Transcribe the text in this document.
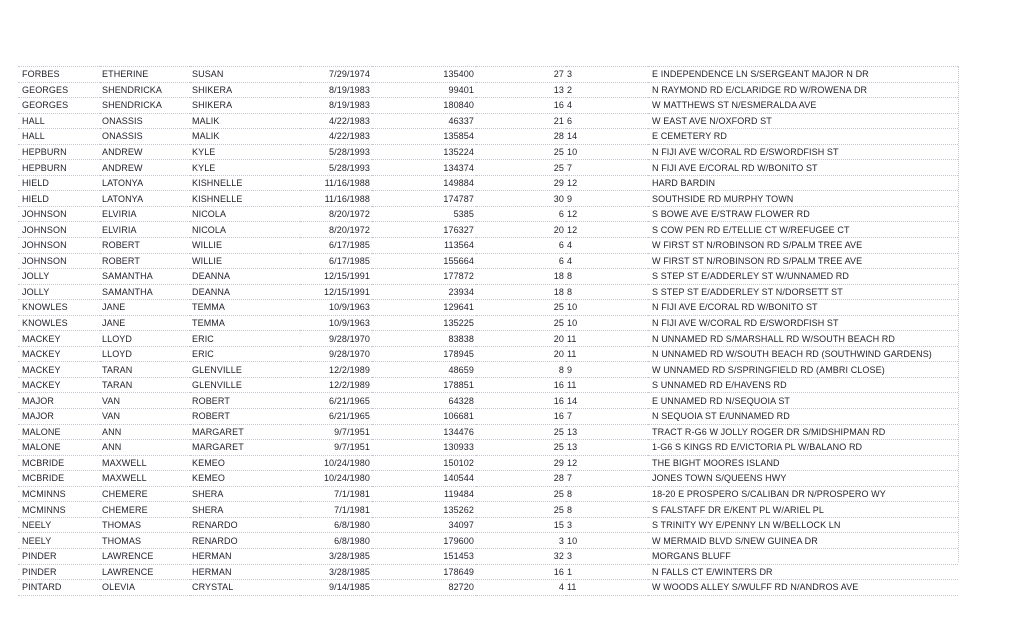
FORBES	ETHERINE	SUSAN	7/29/1974	135400	27	3	E INDEPENDENCE LN S/SERGEANT MAJOR N DR
GEORGES	SHENDRICKA	SHIKERA	8/19/1983	99401	13	2	N RAYMOND RD E/CLARIDGE RD W/ROWENA DR
GEORGES	SHENDRICKA	SHIKERA	8/19/1983	180840	16	4	W MATTHEWS ST N/ESMERALDA AVE
HALL	ONASSIS	MALIK	4/22/1983	46337	21	6	W EAST AVE N/OXFORD ST
HALL	ONASSIS	MALIK	4/22/1983	135854	28	14	E CEMETERY RD
HEPBURN	ANDREW	KYLE	5/28/1993	135224	25	10	N FIJI AVE W/CORAL RD E/SWORDFISH ST
HEPBURN	ANDREW	KYLE	5/28/1993	134374	25	7	N FIJI AVE E/CORAL RD W/BONITO ST
HIELD	LATONYA	KISHNELLE	11/16/1988	149884	29	12	HARD BARDIN
HIELD	LATONYA	KISHNELLE	11/16/1988	174787	30	9	SOUTHSIDE RD MURPHY TOWN
JOHNSON	ELVIRIA	NICOLA	8/20/1972	5385	6	12	S BOWE AVE E/STRAW FLOWER RD
JOHNSON	ELVIRIA	NICOLA	8/20/1972	176327	20	12	S COW PEN RD E/TELLIE CT W/REFUGEE CT
JOHNSON	ROBERT	WILLIE	6/17/1985	113564	6	4	W FIRST ST N/ROBINSON RD S/PALM TREE AVE
JOHNSON	ROBERT	WILLIE	6/17/1985	155664	6	4	W FIRST ST N/ROBINSON RD S/PALM TREE AVE
JOLLY	SAMANTHA	DEANNA	12/15/1991	177872	18	8	S STEP ST E/ADDERLEY ST W/UNNAMED RD
JOLLY	SAMANTHA	DEANNA	12/15/1991	23934	18	8	S STEP ST E/ADDERLEY ST N/DORSETT ST
KNOWLES	JANE	TEMMA	10/9/1963	129641	25	10	N FIJI AVE E/CORAL RD W/BONITO ST
KNOWLES	JANE	TEMMA	10/9/1963	135225	25	10	N FIJI AVE W/CORAL RD E/SWORDFISH ST
MACKEY	LLOYD	ERIC	9/28/1970	83838	20	11	N UNNAMED RD S/MARSHALL RD W/SOUTH BEACH RD
MACKEY	LLOYD	ERIC	9/28/1970	178945	20	11	N UNNAMED RD W/SOUTH BEACH RD (SOUTHWIND GARDENS)
MACKEY	TARAN	GLENVILLE	12/2/1989	48659	8	9	W UNNAMED RD S/SPRINGFIELD RD (AMBRI CLOSE)
MACKEY	TARAN	GLENVILLE	12/2/1989	178851	16	11	S UNNAMED RD E/HAVENS RD
MAJOR	VAN	ROBERT	6/21/1965	64328	16	14	E UNNAMED RD N/SEQUOIA ST
MAJOR	VAN	ROBERT	6/21/1965	106681	16	7	N SEQUOIA ST E/UNNAMED RD
MALONE	ANN	MARGARET	9/7/1951	134476	25	13	TRACT R-G6 W JOLLY ROGER DR S/MIDSHIPMAN RD
MALONE	ANN	MARGARET	9/7/1951	130933	25	13	1-G6 S KINGS RD E/VICTORIA PL W/BALANO RD
MCBRIDE	MAXWELL	KEMEO	10/24/1980	150102	29	12	THE BIGHT MOORES ISLAND
MCBRIDE	MAXWELL	KEMEO	10/24/1980	140544	28	7	JONES TOWN S/QUEENS HWY
MCMINNS	CHEMERE	SHERA	7/1/1981	119484	25	8	18-20 E PROSPERO S/CALIBAN DR N/PROSPERO WY
MCMINNS	CHEMERE	SHERA	7/1/1981	135262	25	8	S FALSTAFF DR E/KENT PL W/ARIEL PL
NEELY	THOMAS	RENARDO	6/8/1980	34097	15	3	S TRINITY WY E/PENNY LN W/BELLOCK LN
NEELY	THOMAS	RENARDO	6/8/1980	179600	3	10	W MERMAID BLVD S/NEW GUINEA DR
PINDER	LAWRENCE	HERMAN	3/28/1985	151453	32	3	MORGANS BLUFF
PINDER	LAWRENCE	HERMAN	3/28/1985	178649	16	1	N FALLS CT E/WINTERS DR
PINTARD	OLEVIA	CRYSTAL	9/14/1985	82720	4	11	W WOODS ALLEY S/WULFF RD N/ANDROS AVE
